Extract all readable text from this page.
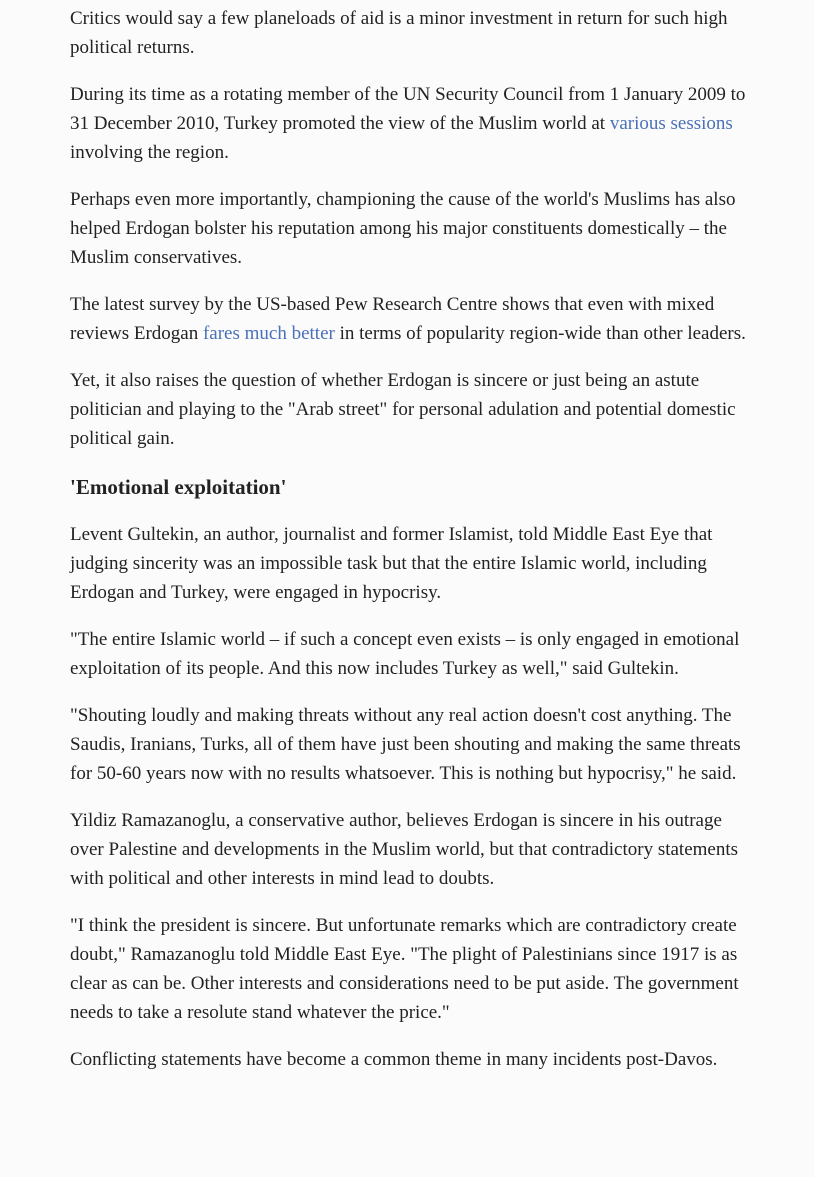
Critics would say a few planeloads of aid is a minor investment in return for such high political returns.

During its time as a rotating member of the UN Security Council from 1 January 2009 to 31 December 2010, Turkey promoted the view of the Muslim world at various sessions involving the region.

Perhaps even more importantly, championing the cause of the world's Muslims has also helped Erdogan bolster his reputation among his major constituents domestically – the Muslim conservatives.

The latest survey by the US-based Pew Research Centre shows that even with mixed reviews Erdogan fares much better in terms of popularity region-wide than other leaders.

Yet, it also raises the question of whether Erdogan is sincere or just being an astute politician and playing to the "Arab street" for personal adulation and potential domestic political gain.

'Emotional exploitation'

Levent Gultekin, an author, journalist and former Islamist, told Middle East Eye that judging sincerity was an impossible task but that the entire Islamic world, including Erdogan and Turkey, were engaged in hypocrisy.

"The entire Islamic world – if such a concept even exists – is only engaged in emotional exploitation of its people. And this now includes Turkey as well," said Gultekin.

"Shouting loudly and making threats without any real action doesn't cost anything. The Saudis, Iranians, Turks, all of them have just been shouting and making the same threats for 50-60 years now with no results whatsoever. This is nothing but hypocrisy," he said.

Yildiz Ramazanoglu, a conservative author, believes Erdogan is sincere in his outrage over Palestine and developments in the Muslim world, but that contradictory statements with political and other interests in mind lead to doubts.

"I think the president is sincere. But unfortunate remarks which are contradictory create doubt," Ramazanoglu told Middle East Eye. "The plight of Palestinians since 1917 is as clear as can be. Other interests and considerations need to be put aside. The government needs to take a resolute stand whatever the price."

Conflicting statements have become a common theme in many incidents post-Davos.
